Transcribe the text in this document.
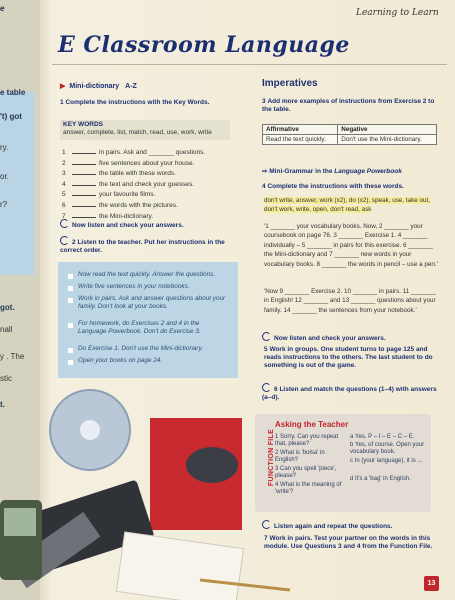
e
e table
't) got
ry.
or.
r?
got.
nall
y . The
stic
t.
Learning to Learn
E Classroom Language
▶ Mini-dictionary A-Z
1 Complete the instructions with the Key Words.
KEY WORDS
answer, complete, list, match, read, use, work, write
1	in pairs. Ask and _______ questions.
2	five sentences about your house.
3	the table with these words.
4	the text and check your guesses.
5	your favourite films.
6	the words with the pictures.
7	the Mini-dictionary.
Now listen and check your answers.
2 Listen to the teacher. Put her instructions in the correct order.
Now read the text quickly. Answer the questions.
Write five sentences in your notebooks.
Work in pairs. Ask and answer questions about your family. Don't look at your books.
For homework, do Exercises 2 and 4 in the Language Powerbook. Don't do Exercise 3.
Do Exercise 1. Don't use the Mini-dictionary.
Open your books on page 24.
Imperatives
3 Add more examples of instructions from Exercise 2 to the table.
Affirmative	Negative
Read the text quickly.	Don't use the Mini-dictionary.
⇨ Mini-Grammar in the Language Powerbook
4 Complete the instructions with these words.
don't write, answer, work (x2), do (x2), speak, use, take out, don't work, write, open, don't read, ask
'1 _______ your vocabulary books. Now, 2 _______ your coursebook on page 76. 3 _______ Exercise 1. 4 _______ individually – 5 _______ in pairs for this exercise. 6 _______ the Mini-dictionary and 7 _______ new words in your vocabulary books. 8 _______ the words in pencil – use a pen.'
'Now 9 _______ Exercise 2. 10 _______ in pairs. 11 _______ in English! 12 _______ and 13 _______ questions about your family. 14 _______ the sentences from your notebook.'
Now listen and check your answers.
5 Work in groups. One student turns to page 125 and reads instructions to the others. The last student to do something is out of the game.
6 Listen and match the questions (1–4) with answers (a–d).
FUNCTION FILE
Asking the Teacher
1 Sorry. Can you repeat that, please?
2 What is 'bolsa' in English?
3 Can you spell 'piece', please?
4 What is the meaning of 'write'?
a Yes. P – I – E – C – E.
b Yes, of course. Open your vocabulary book.
c In (your language), it is ...
d It's a 'bag' in English.
Listen again and repeat the questions.
7 Work in pairs. Test your partner on the words in this module. Use Questions 3 and 4 from the Function File.
13
